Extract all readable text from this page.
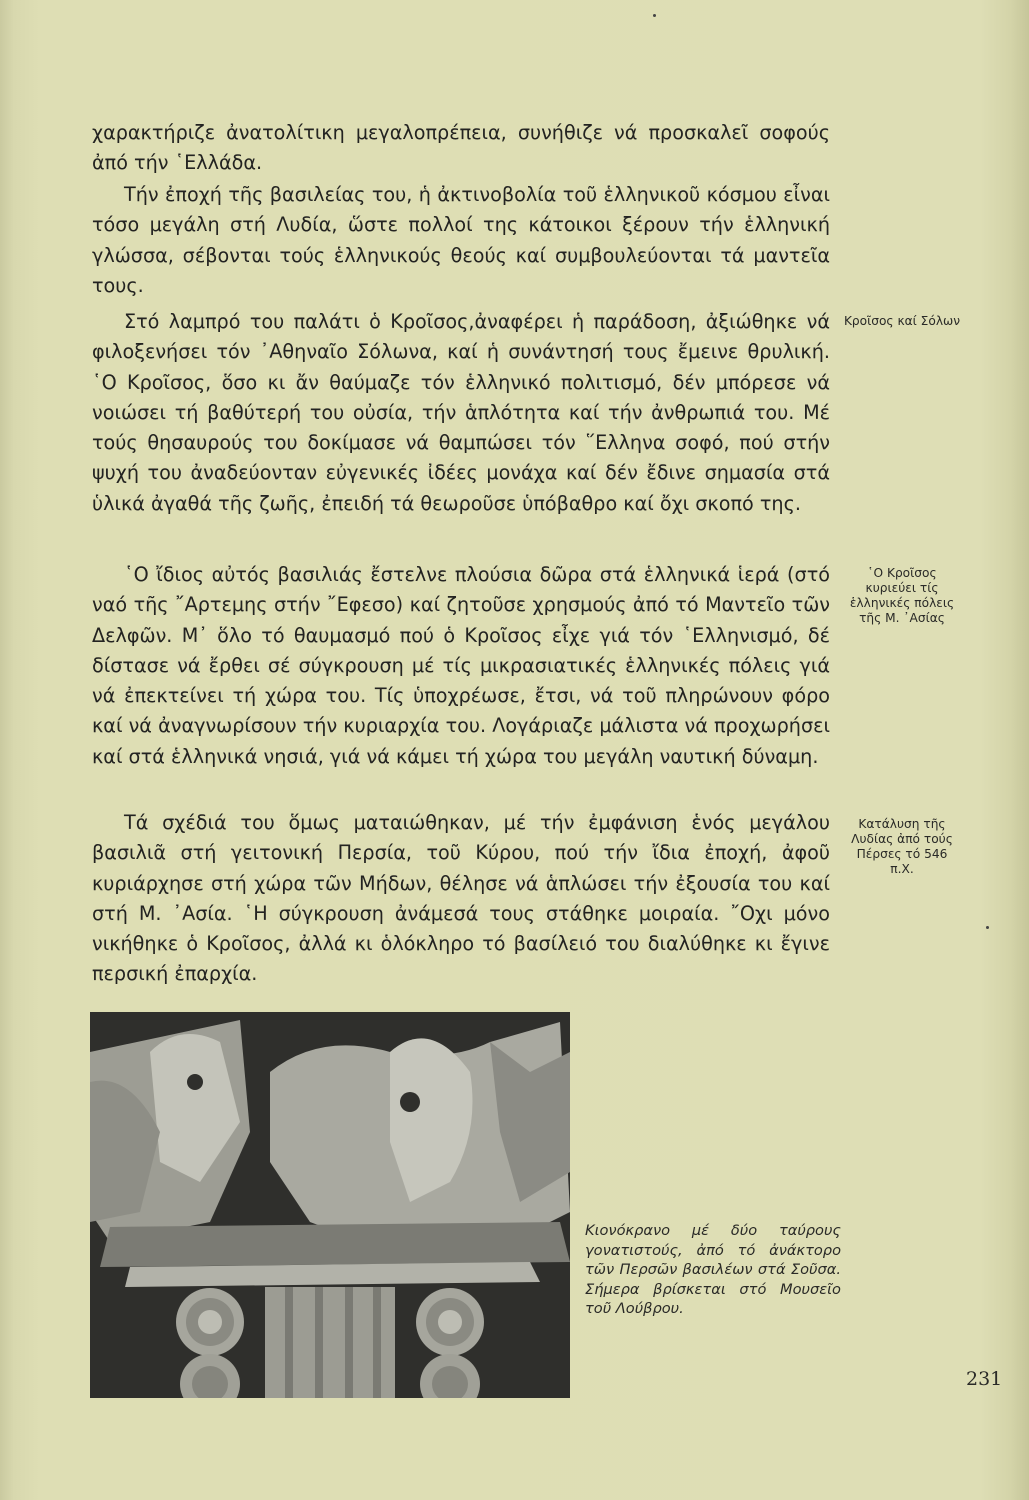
χαρακτήριζε ἀνατολίτικη μεγαλοπρέπεια, συνήθιζε νά προσκαλεῖ σοφούς ἀπό τήν ῾Ελλάδα.

Τήν ἐποχή τῆς βασιλείας του, ἡ ἀκτινοβολία τοῦ ἑλληνικοῦ κόσμου εἶναι τόσο μεγάλη στή Λυδία, ὥστε πολλοί της κάτοικοι ξέρουν τήν ἑλληνική γλώσσα, σέβονται τούς ἑλληνικούς θεούς καί συμβουλεύονται τά μαντεῖα τους.

Στό λαμπρό του παλάτι ὁ Κροῖσος,ἀναφέρει ἡ παράδοση, ἀξιώθηκε νά φιλοξενήσει τόν ᾿Αθηναῖο Σόλωνα, καί ἡ συνάντησή τους ἔμεινε θρυλική. ῾Ο Κροῖσος, ὅσο κι ἄν θαύμαζε τόν ἑλληνικό πολιτισμό, δέν μπόρεσε νά νοιώσει τή βαθύτερή του οὐσία, τήν ἁπλότητα καί τήν ἀνθρωπιά του. Μέ τούς θησαυρούς του δοκίμασε νά θαμπώσει τόν ῞Ελληνα σοφό, πού στήν ψυχή του ἀναδεύονταν εὐγενικές ἰδέες μονάχα καί δέν ἔδινε σημασία στά ὑλικά ἀγαθά τῆς ζωῆς, ἐπειδή τά θεωροῦσε ὑπόβαθρο καί ὄχι σκοπό της.

῾Ο ἴδιος αὐτός βασιλιάς ἔστελνε πλούσια δῶρα στά ἑλληνικά ἱερά (στό ναό τῆς ῎Αρτεμης στήν ῎Εφεσο) καί ζητοῦσε χρησμούς ἀπό τό Μαντεῖο τῶν Δελφῶν. Μ᾿ ὅλο τό θαυμασμό πού ὁ Κροῖσος εἶχε γιά τόν ῾Ελληνισμό, δέ δίστασε νά ἔρθει σέ σύγκρουση μέ τίς μικρασιατικές ἑλληνικές πόλεις γιά νά ἐπεκτείνει τή χώρα του. Τίς ὑποχρέωσε, ἔτσι, νά τοῦ πληρώνουν φόρο καί νά ἀναγνωρίσουν τήν κυριαρχία του. Λογάριαζε μάλιστα νά προχωρήσει καί στά ἑλληνικά νησιά, γιά νά κάμει τή χώρα του μεγάλη ναυτική δύναμη.

Τά σχέδιά του ὅμως ματαιώθηκαν, μέ τήν ἐμφάνιση ἑνός μεγάλου βασιλιᾶ στή γειτονική Περσία, τοῦ Κύρου, πού τήν ἴδια ἐποχή, ἀφοῦ κυριάρχησε στή χώρα τῶν Μήδων, θέλησε νά ἁπλώσει τήν ἐξουσία του καί στή Μ. ᾿Ασία. ῾Η σύγκρουση ἀνάμεσά τους στάθηκε μοιραία. ῎Οχι μόνο νικήθηκε ὁ Κροῖσος, ἀλλά κι ὁλόκληρο τό βασίλειό του διαλύθηκε κι ἔγινε περσική ἐπαρχία.

Κροῖσος καί Σόλων
῾Ο Κροῖσος κυριεύει τίς ἑλληνικές πόλεις τῆς Μ. ᾿Ασίας
Κατάλυση τῆς Λυδίας ἀπό τούς Πέρσες τό 546 π.Χ.
Κιονόκρανο μέ δύο ταύρους γονατιστούς, ἀπό τό ἀνάκτορο τῶν Περσῶν βασιλέων στά Σοῦσα. Σήμερα βρίσκεται στό Μουσεῖο τοῦ Λούβρου.
231
